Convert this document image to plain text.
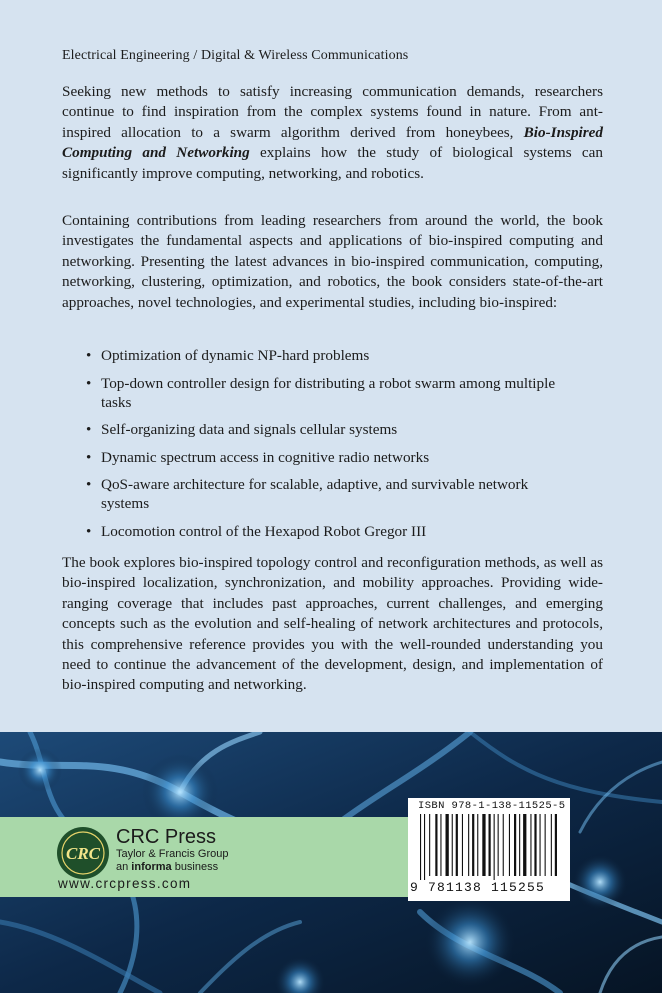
Electrical Engineering / Digital & Wireless Communications
Seeking new methods to satisfy increasing communication demands, researchers continue to find inspiration from the complex systems found in nature. From ant-inspired allocation to a swarm algorithm derived from honeybees, Bio-Inspired Computing and Networking explains how the study of biological systems can significantly improve computing, networking, and robotics.
Containing contributions from leading researchers from around the world, the book investigates the fundamental aspects and applications of bio-inspired computing and networking. Presenting the latest advances in bio-inspired communication, computing, networking, clustering, optimization, and robotics, the book considers state-of-the-art approaches, novel technologies, and experimental studies, including bio-inspired:
• Optimization of dynamic NP-hard problems
• Top-down controller design for distributing a robot swarm among multiple tasks
• Self-organizing data and signals cellular systems
• Dynamic spectrum access in cognitive radio networks
• QoS-aware architecture for scalable, adaptive, and survivable network systems
• Locomotion control of the Hexapod Robot Gregor III
The book explores bio-inspired topology control and reconfiguration methods, as well as bio-inspired localization, synchronization, and mobility approaches. Providing wide-ranging coverage that includes past approaches, current challenges, and emerging concepts such as the evolution and self-healing of network architectures and protocols, this comprehensive reference provides you with the well-rounded understanding you need to continue the advancement of the development, design, and implementation of bio-inspired computing and networking.
CRC
CRC Press
Taylor & Francis Group
an informa business
www.crcpress.com
ISBN 978-1-138-11525-5
9 781138 115255
